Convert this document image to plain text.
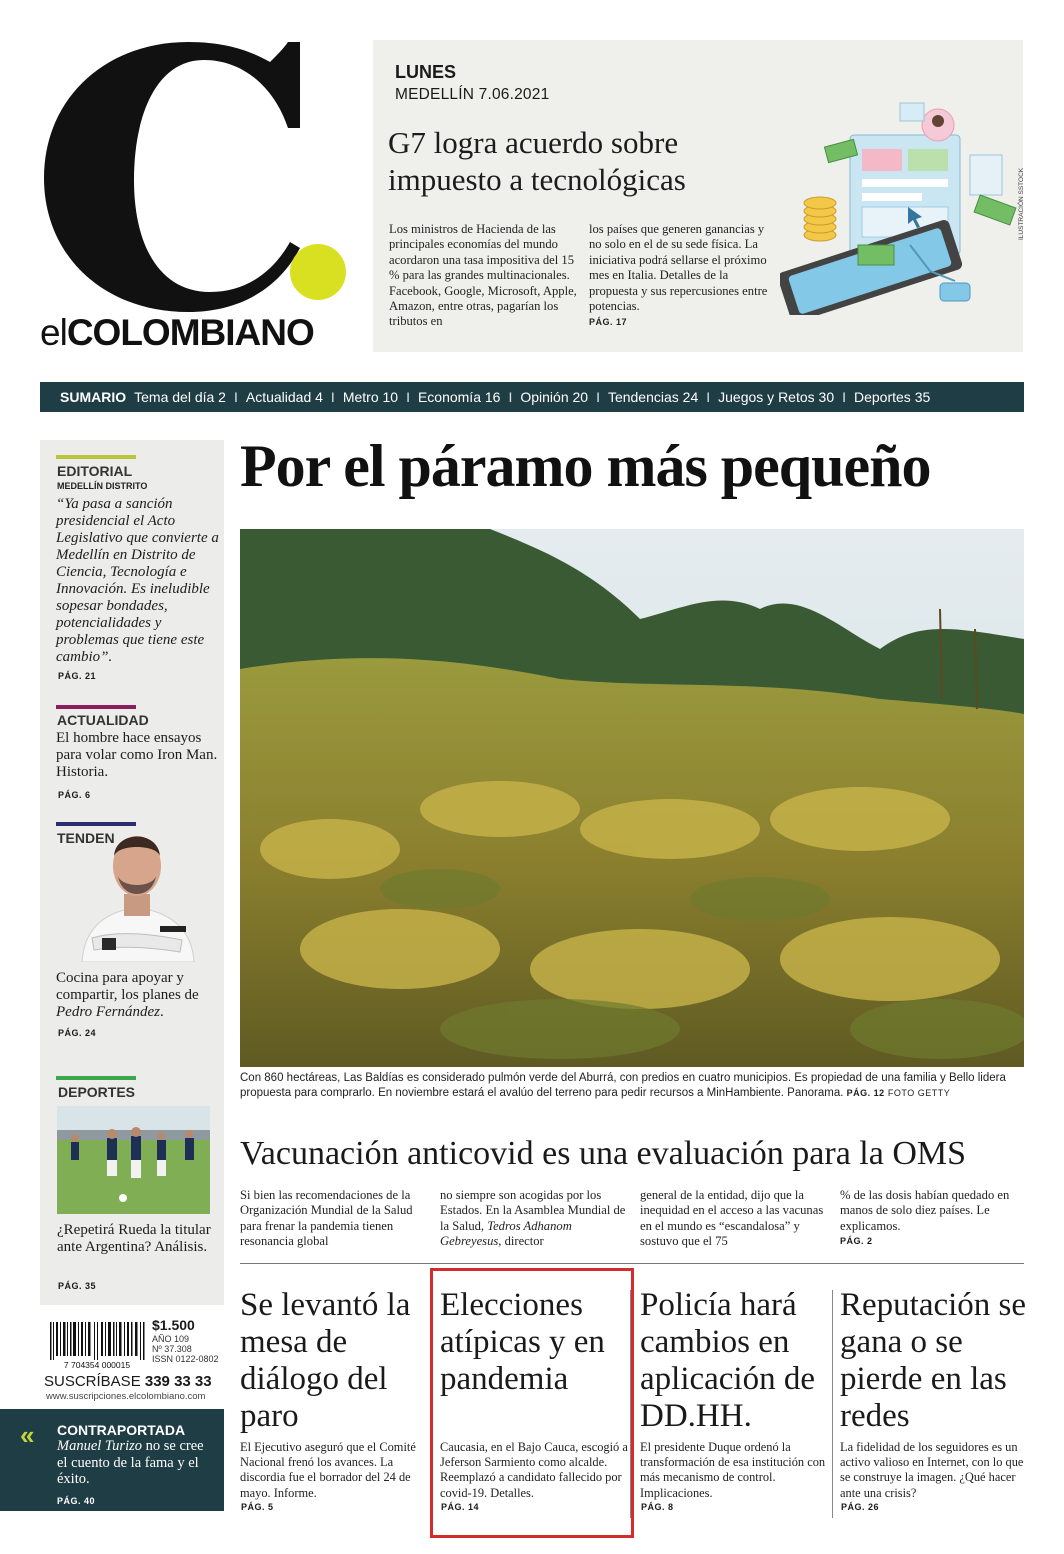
elCOLOMBIANO
LUNES
MEDELLÍN 7.06.2021
G7 logra acuerdo sobre impuesto a tecnológicas
Los ministros de Hacienda de las principales economías del mundo acordaron una tasa impositiva del 15 % para las grandes multinacionales. Facebook, Google, Microsoft, Apple, Amazon, entre otras, pagarían los tributos en
los países que generen ganancias y no solo en el de su sede física. La iniciativa podrá sellarse el próximo mes en Italia. Detalles de la propuesta y sus repercusiones entre potencias.
PÁG. 17
ILUSTRACIÓN SSTOCK
SUMARIO Tema del día 2 I Actualidad 4 I Metro 10 I Economía 16 I Opinión 20 I Tendencias 24 I Juegos y Retos 30 I Deportes 35
EDITORIAL
MEDELLÍN DISTRITO
“Ya pasa a sanción presidencial el Acto Legislativo que convierte a Medellín en Distrito de Ciencia, Tecnología e Innovación. Es ineludible sopesar bondades, potencialidades y problemas que tiene este cambio”.
PÁG. 21
ACTUALIDAD
El hombre hace ensayos para volar como Iron Man. Historia.
PÁG. 6
TENDEN
Cocina para apoyar y compartir, los planes de Pedro Fernández.
PÁG. 24
DEPORTES
¿Repetirá Rueda la titular ante Argentina? Análisis.
PÁG. 35
7 704354 000015
$1.500
AÑO 109
Nº 37.308
ISSN 0122-0802
SUSCRÍBASE 339 33 33
www.suscripciones.elcolombiano.com
« CONTRAPORTADA
Manuel Turizo no se cree el cuento de la fama y el éxito.
PÁG. 40
Por el páramo más pequeño
Con 860 hectáreas, Las Baldías es considerado pulmón verde del Aburrá, con predios en cuatro municipios. Es propiedad de una familia y Bello lidera propuesta para comprarlo. En noviembre estará el avalúo del terreno para pedir recursos a MinHambiente. Panorama. PÁG. 12 FOTO GETTY
Vacunación anticovid es una evaluación para la OMS
Si bien las recomendaciones de la Organización Mundial de la Salud para frenar la pandemia tienen resonancia global
no siempre son acogidas por los Estados. En la Asamblea Mundial de la Salud, Tedros Adhanom Gebreyesus, director
general de la entidad, dijo que la inequidad en el acceso a las vacunas en el mundo es “escandalosa” y sostuvo que el 75
% de las dosis habían quedado en manos de solo diez países. Le explicamos.
PÁG. 2
Se levantó la mesa de diálogo del paro
El Ejecutivo aseguró que el Comité Nacional frenó los avances. La discordia fue el borrador del 24 de mayo. Informe.
PÁG. 5
Elecciones atípicas y en pandemia
Caucasia, en el Bajo Cauca, escogió a Jeferson Sarmiento como alcalde. Reemplazó a candidato fallecido por covid-19. Detalles.
PÁG. 14
Policía hará cambios en aplicación de DD.HH.
El presidente Duque ordenó la transformación de esa institución con más mecanismo de control. Implicaciones.
PÁG. 8
Reputación se gana o se pierde en las redes
La fidelidad de los seguidores es un activo valioso en Internet, con lo que se construye la imagen. ¿Qué hacer ante una crisis?
PÁG. 26
